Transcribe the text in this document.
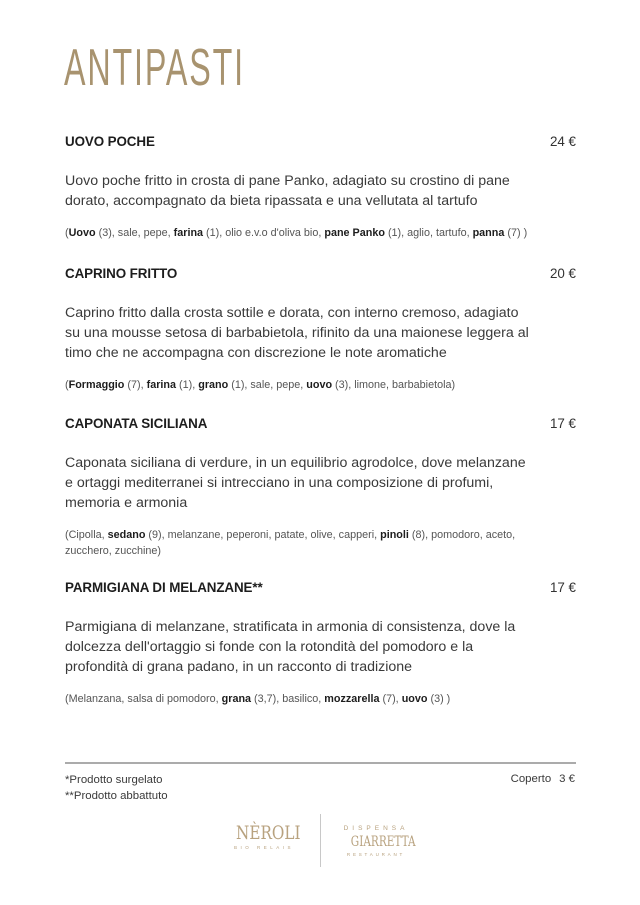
ANTIPASTI
UOVO POCHE	24 €

Uovo poche fritto in crosta di pane Panko, adagiato su crostino di pane dorato, accompagnato da bieta ripassata e una vellutata al tartufo

(Uovo (3), sale, pepe, farina (1), olio e.v.o d'oliva bio, pane Panko (1), aglio, tartufo, panna (7) )

CAPRINO FRITTO	20 €

Caprino fritto dalla crosta sottile e dorata, con interno cremoso, adagiato su una mousse setosa di barbabietola, rifinito da una maionese leggera al timo che ne accompagna con discrezione le note aromatiche

(Formaggio (7), farina (1), grano (1), sale, pepe, uovo (3), limone, barbabietola)

CAPONATA SICILIANA	17 €

Caponata siciliana di verdure, in un equilibrio agrodolce, dove melanzane e ortaggi mediterranei si intrecciano in una composizione di profumi, memoria e armonia

(Cipolla, sedano (9), melanzane, peperoni, patate, olive, capperi, pinoli (8), pomodoro, aceto, zucchero, zucchine)

PARMIGIANA DI MELANZANE**	17 €

Parmigiana di melanzane, stratificata in armonia di consistenza, dove la dolcezza dell'ortaggio si fonde con la rotondità del pomodoro e la profondità di grana padano, in un racconto di tradizione

(Melanzana, salsa di pomodoro, grana (3,7), basilico, mozzarella (7), uovo (3) )

*Prodotto surgelato
**Prodotto abbattuto
Coperto 3 €
NÈROLI
BIO RELAIS
DISPENSA
GIARRETTA
RESTAURANT
